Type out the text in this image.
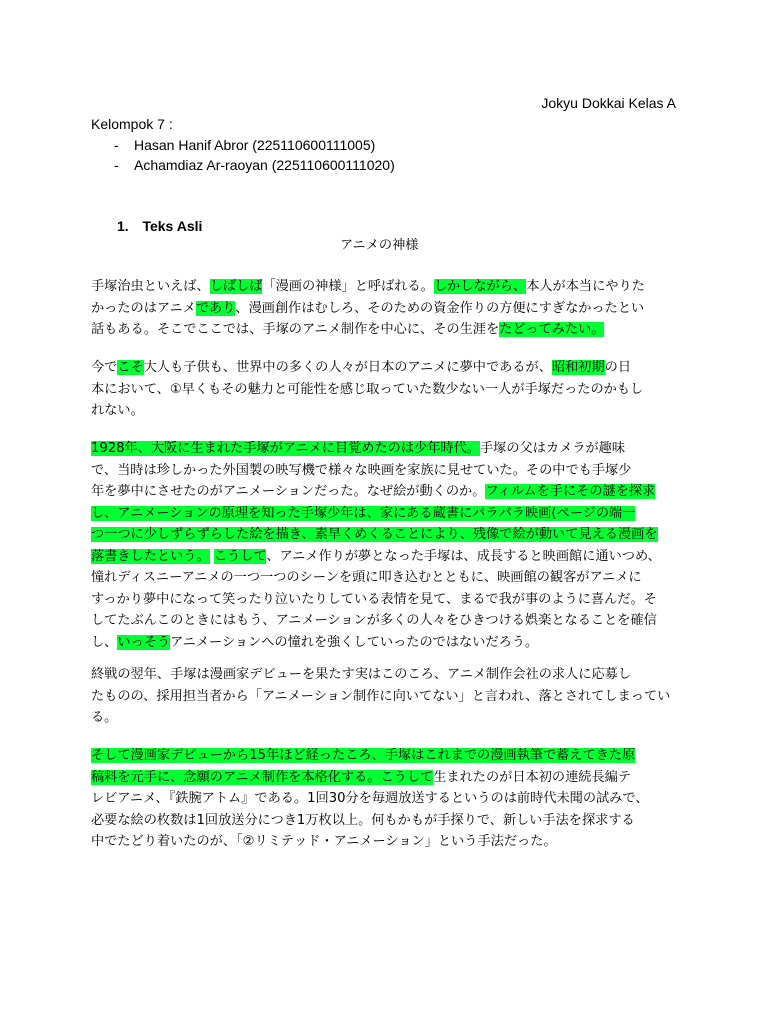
Jokyu Dokkai Kelas A
Kelompok 7 :
- Hasan Hanif Abror (225110600111005)
- Achamdiaz Ar-raoyan (225110600111020)
1. Teks Asli
アニメの神様
手塚治虫といえば、しばしば「漫画の神様」と呼ばれる。しかしながら、本人が本当にやりた
かったのはアニメであり、漫画創作はむしろ、そのための資金作りの方便にすぎなかったとい
話もある。そこでここでは、手塚のアニメ制作を中心に、その生涯をたどってみたい。
今でこそ大人も子供も、世界中の多くの人々が日本のアニメに夢中であるが、昭和初期の日
本において、①早くもその魅力と可能性を感じ取っていた数少ない一人が手塚だったのかもし
れない。
1928年、大阪に生まれた手塚がアニメに目覚めたのは少年時代。手塚の父はカメラが趣味
で、当時は珍しかった外国製の映写機で様々な映画を家族に見せていた。その中でも手塚少
年を夢中にさせたのがアニメーションだった。なぜ絵が動くのか。フィルムを手にその謎を探求
し、アニメーションの原理を知った手塚少年は、家にある蔵書にパラパラ映画(ページの端一
つ一つに少しずらずらした絵を描き、素早くめくることにより、残像で絵が動いて見える漫画を
落書きしたという。 こうして、アニメ作りが夢となった手塚は、成長すると映画館に通いつめ、
憧れディスニーアニメの一つ一つのシーンを頭に叩き込むとともに、映画館の観客がアニメに
すっかり夢中になって笑ったり泣いたりしている表情を見て、まるで我が事のように喜んだ。そ
してたぶんこのときにはもう、アニメーションが多くの人々をひきつける娯楽となることを確信
し、いっそうアニメーションへの憧れを強くしていったのではないだろう。
終戦の翌年、手塚は漫画家デビューを果たす実はこのころ、アニメ制作会社の求人に応募し
たものの、採用担当者から「アニメーション制作に向いてない」と言われ、落とされてしまってい
る。
そして漫画家デビューから15年ほど経ったころ、手塚はこれまでの漫画執筆で蓄えてきた原
稿料を元手に、念願のアニメ制作を本格化する。こうして生まれたのが日本初の連続長編テ
レビアニメ、『鉄腕アトム』である。1回30分を毎週放送するというのは前時代未聞の試みで、
必要な絵の枚数は1回放送分につき1万枚以上。何もかもが手探りで、新しい手法を探求する
中でたどり着いたのが、「②リミテッド・アニメーション」という手法だった。
